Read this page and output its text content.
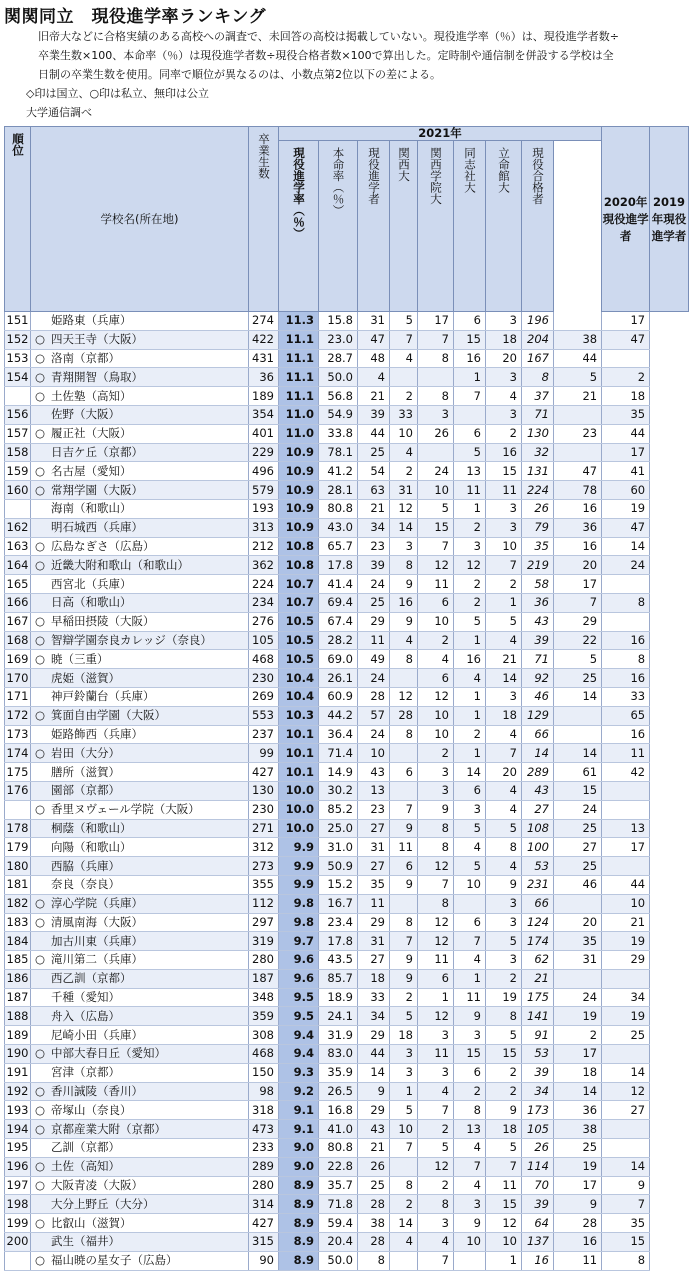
関関同立　現役進学率ランキング

旧帝大などに合格実績のある高校への調査で、未回答の高校は掲載していない。現役進学率（％）は、現役進学者数÷

卒業生数×100、本命率（％）は現役進学者数÷現役合格者数×100で算出した。定時制や通信制を併設する学校は全

日制の卒業生数を使用。同率で順位が異なるのは、小数点第2位以下の差による。

◇印は国立、○印は私立、無印は公立

大学通信調べ

順位	学校名(所在地)	卒業生数	2021年									2020年現役進学者	2019年現役進学者

			現役進学率（％）	本命率（％）	現役進学者	関西大	関西学院大	同志社大	立命館大	現役合格者			

151	姫路東（兵庫）	274	11.3	15.8	31	5	17	6	3	196		17	
152	○ 四天王寺（大阪）	422	11.1	23.0	47	7	7	15	18	204	38	47	
153	○ 洛南（京都）	431	11.1	28.7	48	4	8	16	20	167	44		
154	○ 青翔開智（鳥取）	36	11.1	50.0	4			1	3	8	5	2	
	○ 土佐塾（高知）	189	11.1	56.8	21	2	8	7	4	37	21	18	
156	佐野（大阪）	354	11.0	54.9	39	33	3		3	71		35	
157	○ 履正社（大阪）	401	11.0	33.8	44	10	26	6	2	130	23	44	
158	日吉ケ丘（京都）	229	10.9	78.1	25	4		5	16	32		17	
159	○ 名古屋（愛知）	496	10.9	41.2	54	2	24	13	15	131	47	41	
160	○ 常翔学園（大阪）	579	10.9	28.1	63	31	10	11	11	224	78	60	
	海南（和歌山）	193	10.9	80.8	21	12	5	1	3	26	16	19	
162	明石城西（兵庫）	313	10.9	43.0	34	14	15	2	3	79	36	47	
163	○ 広島なぎさ（広島）	212	10.8	65.7	23	3	7	3	10	35	16	14	
164	○ 近畿大附和歌山（和歌山）	362	10.8	17.8	39	8	12	12	7	219	20	24	
165	西宮北（兵庫）	224	10.7	41.4	24	9	11	2	2	58	17		
166	日高（和歌山）	234	10.7	69.4	25	16	6	2	1	36	7	8	
167	○ 早稲田摂陵（大阪）	276	10.5	67.4	29	9	10	5	5	43	29		
168	○ 智辯学園奈良カレッジ（奈良）	105	10.5	28.2	11	4	2	1	4	39	22	16	
169	○ 暁（三重）	468	10.5	69.0	49	8	4	16	21	71	5	8	
170	虎姫（滋賀）	230	10.4	26.1	24		6	4	14	92	25	16	
171	神戸鈴蘭台（兵庫）	269	10.4	60.9	28	12	12	1	3	46	14	33	
172	○ 箕面自由学園（大阪）	553	10.3	44.2	57	28	10	1	18	129		65	
173	姫路飾西（兵庫）	237	10.1	36.4	24	8	10	2	4	66		16	
174	○ 岩田（大分）	99	10.1	71.4	10		2	1	7	14	14	11	
175	膳所（滋賀）	427	10.1	14.9	43	6	3	14	20	289	61	42	
176	園部（京都）	130	10.0	30.2	13		3	6	4	43	15		
	○ 香里ヌヴェール学院（大阪）	230	10.0	85.2	23	7	9	3	4	27	24		
178	桐蔭（和歌山）	271	10.0	25.0	27	9	8	5	5	108	25	13	
179	向陽（和歌山）	312	9.9	31.0	31	11	8	4	8	100	27	17	
180	西脇（兵庫）	273	9.9	50.9	27	6	12	5	4	53	25		
181	奈良（奈良）	355	9.9	15.2	35	9	7	10	9	231	46	44	
182	○ 淳心学院（兵庫）	112	9.8	16.7	11		8		3	66		10	
183	○ 清風南海（大阪）	297	9.8	23.4	29	8	12	6	3	124	20	21	
184	加古川東（兵庫）	319	9.7	17.8	31	7	12	7	5	174	35	19	
185	○ 滝川第二（兵庫）	280	9.6	43.5	27	9	11	4	3	62	31	29	
186	西乙訓（京都）	187	9.6	85.7	18	9	6	1	2	21			
187	千種（愛知）	348	9.5	18.9	33	2	1	11	19	175	24	34	
188	舟入（広島）	359	9.5	24.1	34	5	12	9	8	141	19	19	
189	尼崎小田（兵庫）	308	9.4	31.9	29	18	3	3	5	91	2	25	
190	○ 中部大春日丘（愛知）	468	9.4	83.0	44	3	11	15	15	53	17		
191	宮津（京都）	150	9.3	35.9	14	3	3	6	2	39	18	14	
192	○ 香川誠陵（香川）	98	9.2	26.5	9	1	4	2	2	34	14	12	
193	○ 帝塚山（奈良）	318	9.1	16.8	29	5	7	8	9	173	36	27	
194	○ 京都産業大附（京都）	473	9.1	41.0	43	10	2	13	18	105	38		
195	乙訓（京都）	233	9.0	80.8	21	7	5	4	5	26	25		
196	○ 土佐（高知）	289	9.0	22.8	26		12	7	7	114	19	14	
197	○ 大阪青凌（大阪）	280	8.9	35.7	25	8	2	4	11	70	17	9	
198	大分上野丘（大分）	314	8.9	71.8	28	2	8	3	15	39	9	7	
199	○ 比叡山（滋賀）	427	8.9	59.4	38	14	3	9	12	64	28	35	
200	武生（福井）	315	8.9	20.4	28	4	4	10	10	137	16	15	
	○ 福山暁の星女子（広島）	90	8.9	50.0	8		7		1	16	11	8	
